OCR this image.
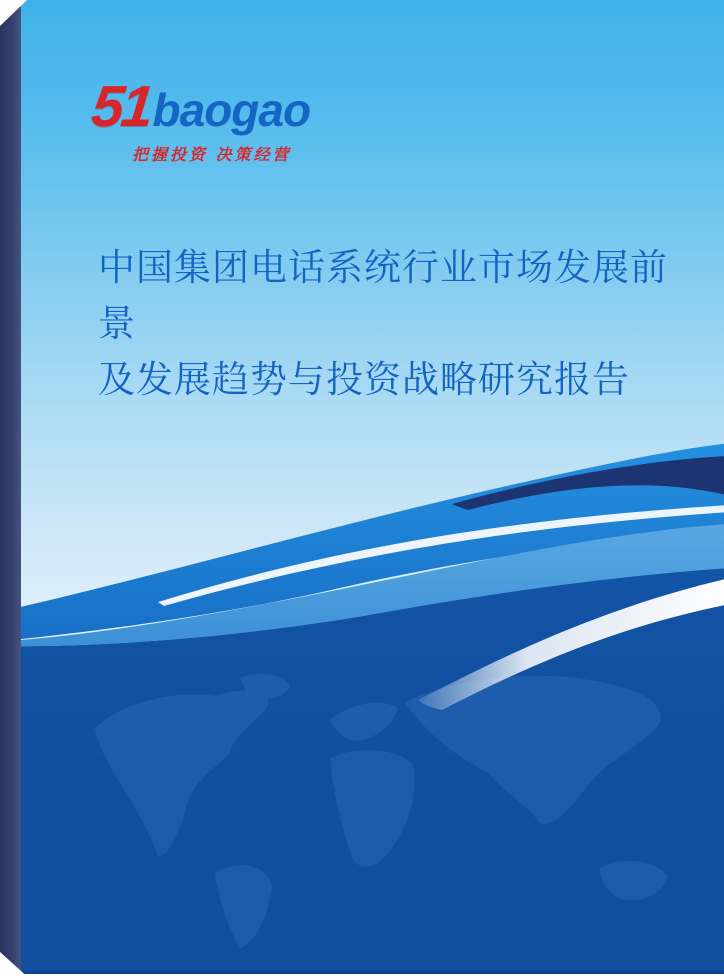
51
baogao
把握投资 决策经营
中国集团电话系统行业市场发展前景
及发展趋势与投资战略研究报告
